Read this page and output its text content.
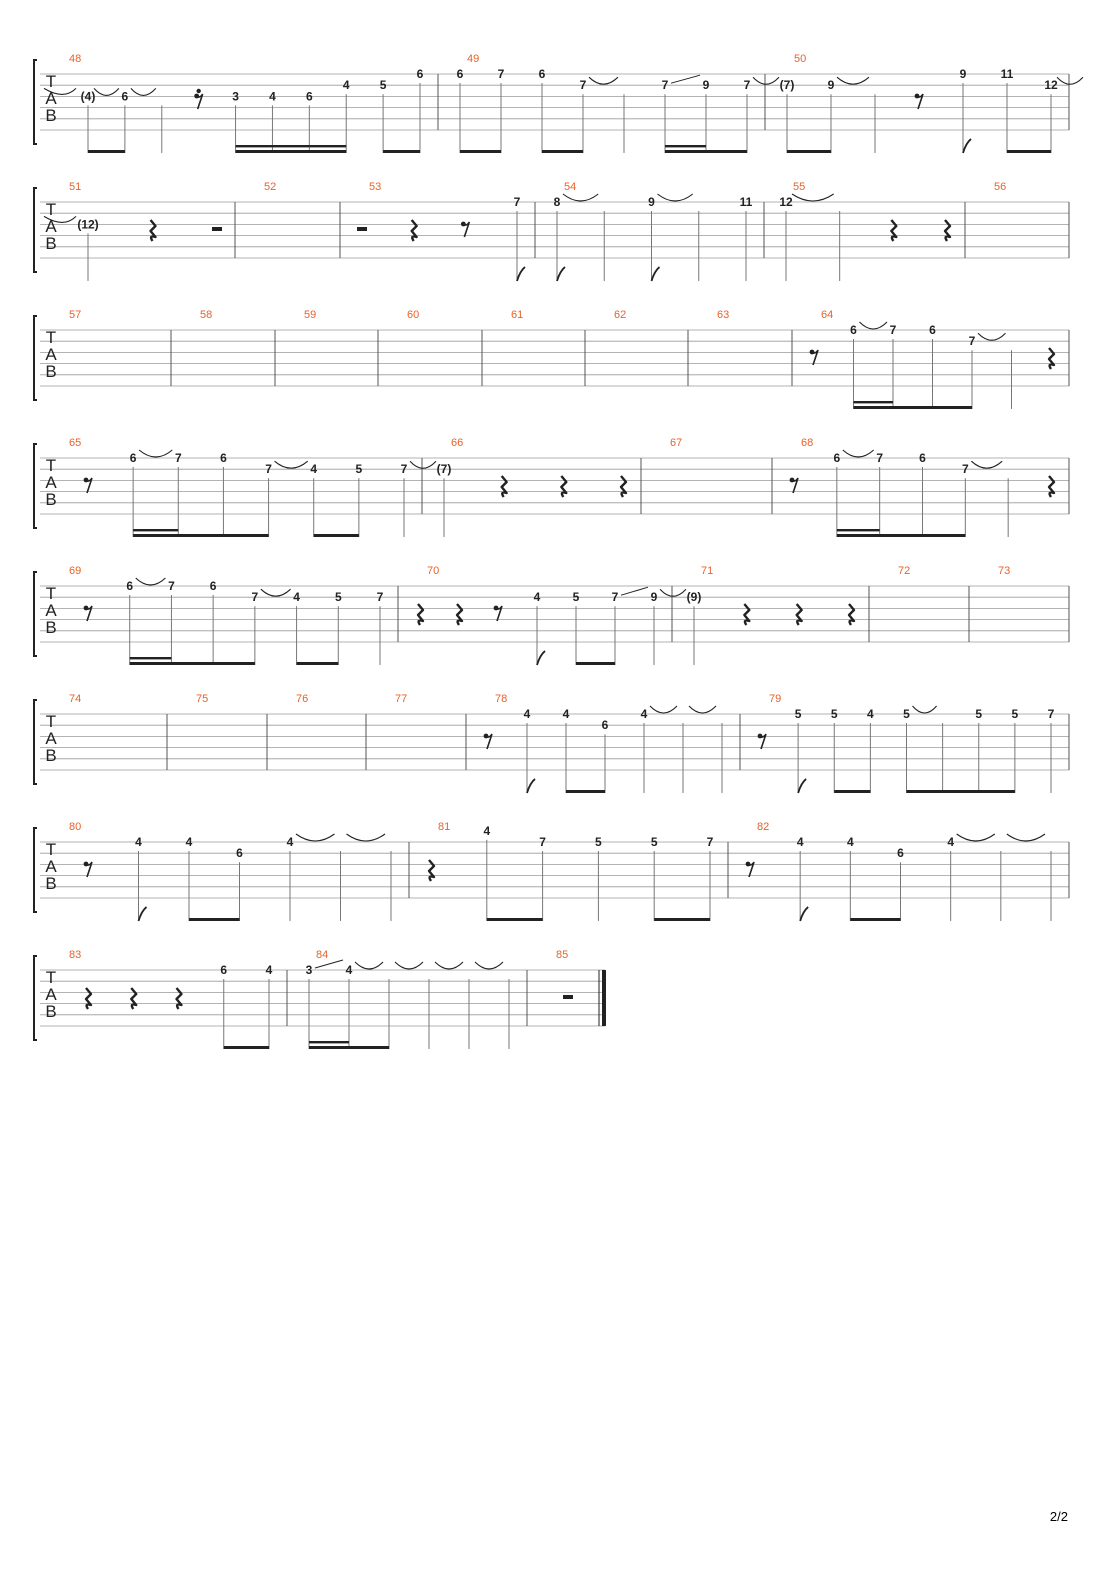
T
A
B
48
(4) 6	3	4	6
4	5
6
49
6	7	6
7	7	9	7
50
(7)	9
9	11
12
T
A
B
51
(12)
52	53
7
54
8	9	11
55
12
56
T
A
B
57	58	59	60	61	62	63	64
6	7	6
7
T
A
B
65
6	7	6
7	4	5	7
66
(7)
67	68
6	7	6
7
T
A
B
69
6	7	6
7	4	5	7
70
4	5	7	9
71
(9)
72	73
T
A
B
74	75	76	77	78
4	4
6
4
79
5 5 4 5	5 5 7
T
A
B
80
4	4
6
4
81	4
7	5	5	7
82
4	4
6
4
T
A
B
83
6	4
84
3	4
85
2/2
